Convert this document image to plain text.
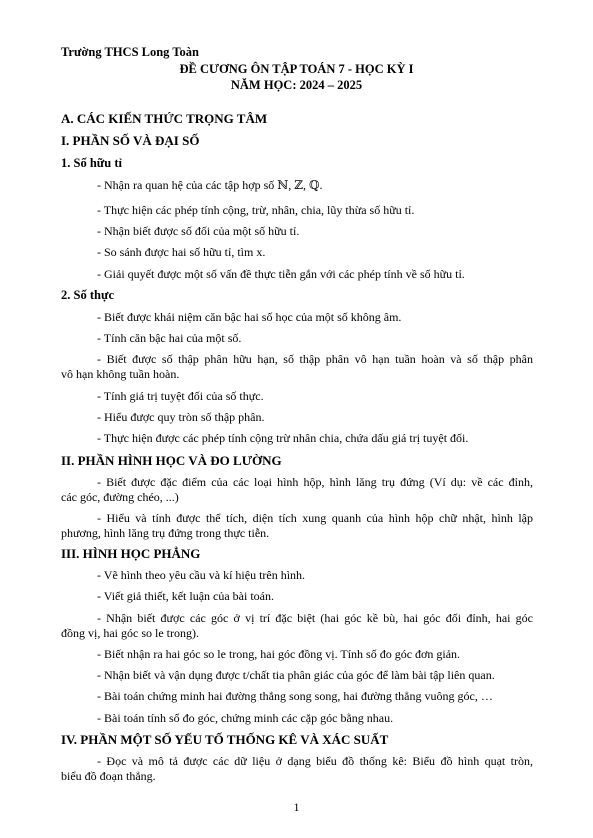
Trường THCS Long Toàn
ĐỀ CƯƠNG ÔN TẬP TOÁN 7 - HỌC KỲ I
NĂM HỌC: 2024 – 2025
A. CÁC KIẾN THỨC TRỌNG TÂM
I. PHẦN SỐ VÀ ĐẠI SỐ
1. Số hữu tỉ
- Nhận ra quan hệ của các tập hợp số ℕ, ℤ, ℚ.
- Thực hiện các phép tính cộng, trừ, nhân, chia, lũy thừa số hữu tỉ.
- Nhận biết được số đối của một số hữu tỉ.
- So sánh được hai số hữu tỉ, tìm x.
- Giải quyết được một số vấn đề thực tiễn gắn với các phép tính về số hữu tỉ.
2. Số thực
- Biết được khái niệm căn bậc hai số học của một số không âm.
- Tính căn bậc hai của một số.
- Biết được số thập phân hữu hạn, số thập phân vô hạn tuần hoàn và số thập phân
vô hạn không tuần hoàn.
- Tính giá trị tuyệt đối của số thực.
- Hiểu được quy tròn số thập phân.
- Thực hiện được các phép tính cộng trừ nhân chia, chứa dấu giá trị tuyệt đối.
II. PHẦN HÌNH HỌC VÀ ĐO LƯỜNG
- Biết được đặc điểm của các loại hình hộp, hình lăng trụ đứng (Ví dụ: về các đỉnh,
các góc, đường chéo, ...)
- Hiểu và tính được thể tích, diện tích xung quanh của hình hộp chữ nhật, hình lập
phương, hình lăng trụ đứng trong thực tiễn.
III. HÌNH HỌC PHẲNG
- Vẽ hình theo yêu cầu và kí hiệu trên hình.
- Viết giả thiết, kết luận của bài toán.
- Nhận biết được các góc ở vị trí đặc biệt (hai góc kề bù, hai góc đối đỉnh, hai góc
đồng vị, hai góc so le trong).
- Biết nhận ra hai góc so le trong, hai góc đồng vị. Tính số đo góc đơn giản.
- Nhận biết và vận dụng được t/chất tia phân giác của góc để làm bài tập liên quan.
- Bài toán chứng minh hai đường thẳng song song, hai đường thẳng vuông góc, …
- Bài toán tính số đo góc, chứng minh các cặp góc bằng nhau.
IV. PHẦN MỘT SỐ YẾU TỐ THỐNG KÊ VÀ XÁC SUẤT
- Đọc và mô tả được các dữ liệu ở dạng biểu đồ thống kê: Biểu đồ hình quạt tròn,
biểu đồ đoạn thẳng.
1
